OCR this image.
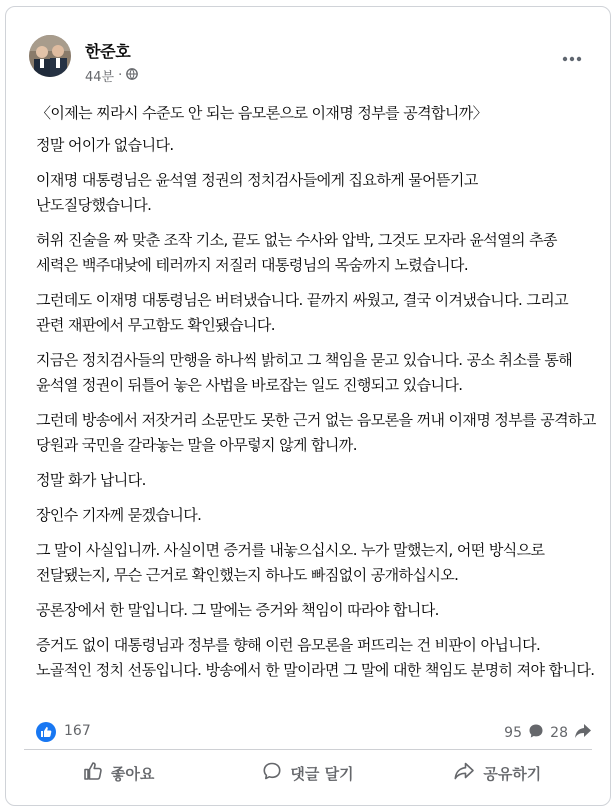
한준호
44분 ·

〈이제는 찌라시 수준도 안 되는 음모론으로 이재명 정부를 공격합니까〉

정말 어이가 없습니다.

이재명 대통령님은 윤석열 정권의 정치검사들에게 집요하게 물어뜯기고 난도질당했습니다.

허위 진술을 짜 맞춘 조작 기소, 끝도 없는 수사와 압박, 그것도 모자라 윤석열의 추종 세력은 백주대낮에 테러까지 저질러 대통령님의 목숨까지 노렸습니다.

그런데도 이재명 대통령님은 버텨냈습니다. 끝까지 싸웠고, 결국 이겨냈습니다. 그리고 관련 재판에서 무고함도 확인됐습니다.

지금은 정치검사들의 만행을 하나씩 밝히고 그 책임을 묻고 있습니다. 공소 취소를 통해 윤석열 정권이 뒤틀어 놓은 사법을 바로잡는 일도 진행되고 있습니다.

그런데 방송에서 저잣거리 소문만도 못한 근거 없는 음모론을 꺼내 이재명 정부를 공격하고 당원과 국민을 갈라놓는 말을 아무렇지 않게 합니까.

정말 화가 납니다.

장인수 기자께 묻겠습니다.

그 말이 사실입니까. 사실이면 증거를 내놓으십시오. 누가 말했는지, 어떤 방식으로 전달됐는지, 무슨 근거로 확인했는지 하나도 빠짐없이 공개하십시오.

공론장에서 한 말입니다. 그 말에는 증거와 책임이 따라야 합니다.

증거도 없이 대통령님과 정부를 향해 이런 음모론을 퍼뜨리는 건 비판이 아닙니다. 노골적인 정치 선동입니다. 방송에서 한 말이라면 그 말에 대한 책임도 분명히 져야 합니다.

167	95 28
좋아요	댓글 달기	공유하기
